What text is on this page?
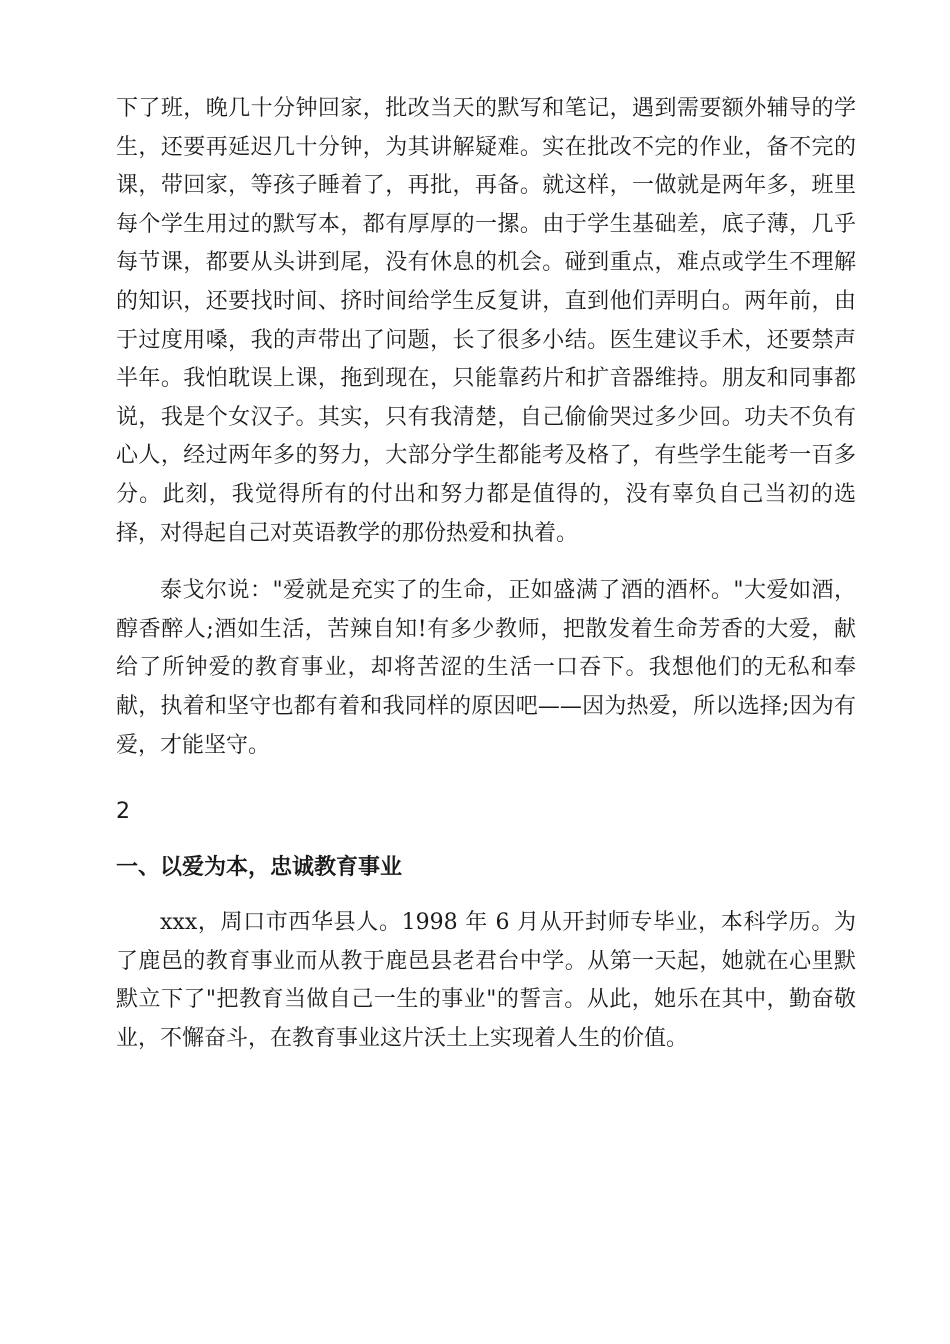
下了班，晚几十分钟回家，批改当天的默写和笔记，遇到需要额外辅导的学生，还要再延迟几十分钟，为其讲解疑难。实在批改不完的作业，备不完的课，带回家，等孩子睡着了，再批，再备。就这样，一做就是两年多，班里每个学生用过的默写本，都有厚厚的一摞。由于学生基础差，底子薄，几乎每节课，都要从头讲到尾，没有休息的机会。碰到重点，难点或学生不理解的知识，还要找时间、挤时间给学生反复讲，直到他们弄明白。两年前，由于过度用嗓，我的声带出了问题，长了很多小结。医生建议手术，还要禁声半年。我怕耽误上课，拖到现在，只能靠药片和扩音器维持。朋友和同事都说，我是个女汉子。其实，只有我清楚，自己偷偷哭过多少回。功夫不负有心人，经过两年多的努力，大部分学生都能考及格了，有些学生能考一百多分。此刻，我觉得所有的付出和努力都是值得的，没有辜负自己当初的选择，对得起自己对英语教学的那份热爱和执着。

泰戈尔说："爱就是充实了的生命，正如盛满了酒的酒杯。"大爱如酒，醇香醉人;酒如生活，苦辣自知!有多少教师，把散发着生命芳香的大爱，献给了所钟爱的教育事业，却将苦涩的生活一口吞下。我想他们的无私和奉献，执着和坚守也都有着和我同样的原因吧——因为热爱，所以选择;因为有爱，才能坚守。

2

一、以爱为本，忠诚教育事业

xxx，周口市西华县人。1998 年 6 月从开封师专毕业，本科学历。为了鹿邑的教育事业而从教于鹿邑县老君台中学。从第一天起，她就在心里默默立下了"把教育当做自己一生的事业"的誓言。从此，她乐在其中，勤奋敬业，不懈奋斗，在教育事业这片沃土上实现着人生的价值。
